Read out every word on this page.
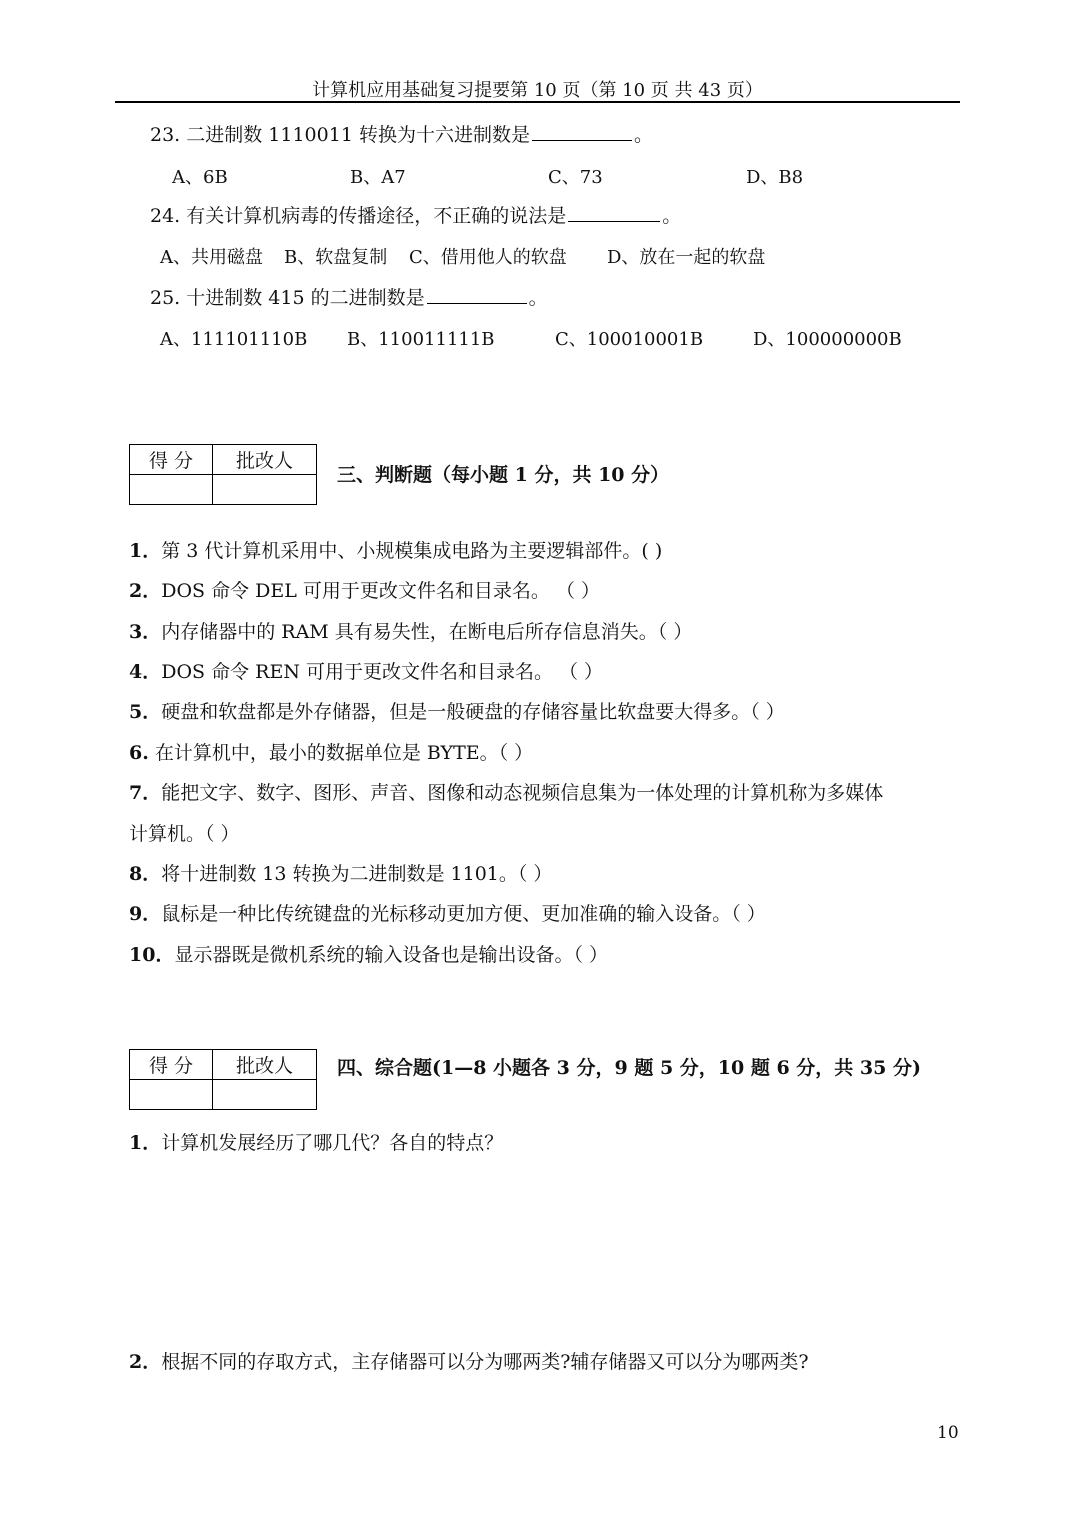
计算机应用基础复习提要第 10 页（第 10 页 共 43 页）
23. 二进制数 1110011 转换为十六进制数是	。
A、6B	B、A7	C、73	D、B8
24. 有关计算机病毒的传播途径，不正确的说法是	。
A、共用磁盘 B、软盘复制 C、借用他人的软盘 D、放在一起的软盘
25. 十进制数 415 的二进制数是	。
A、111101110B B、110011111B	C、100010001B	D、100000000B
得 分	批改人

三、判断题（每小题 1 分，共 10 分）
1．第 3 代计算机采用中、小规模集成电路为主要逻辑部件。( )
2．DOS 命令 DEL 可用于更改文件名和目录名。 （ ）
3．内存储器中的 RAM 具有易失性，在断电后所存信息消失。（ ）
4．DOS 命令 REN 可用于更改文件名和目录名。 （ ）
5．硬盘和软盘都是外存储器，但是一般硬盘的存储容量比软盘要大得多。（ ）
6. 在计算机中，最小的数据单位是 BYTE。（ ）
7．能把文字、数字、图形、声音、图像和动态视频信息集为一体处理的计算机称为多媒体
计算机。（ ）
8．将十进制数 13 转换为二进制数是 1101。（ ）
9．鼠标是一种比传统键盘的光标移动更加方便、更加准确的输入设备。（ ）
10．显示器既是微机系统的输入设备也是输出设备。（ ）
得 分	批改人
	四、综合题(1—8 小题各 3 分，9 题 5 分，10 题 6 分，共 35 分)
1．计算机发展经历了哪几代？各自的特点？
2．根据不同的存取方式，主存储器可以分为哪两类?辅存储器又可以分为哪两类?
10
